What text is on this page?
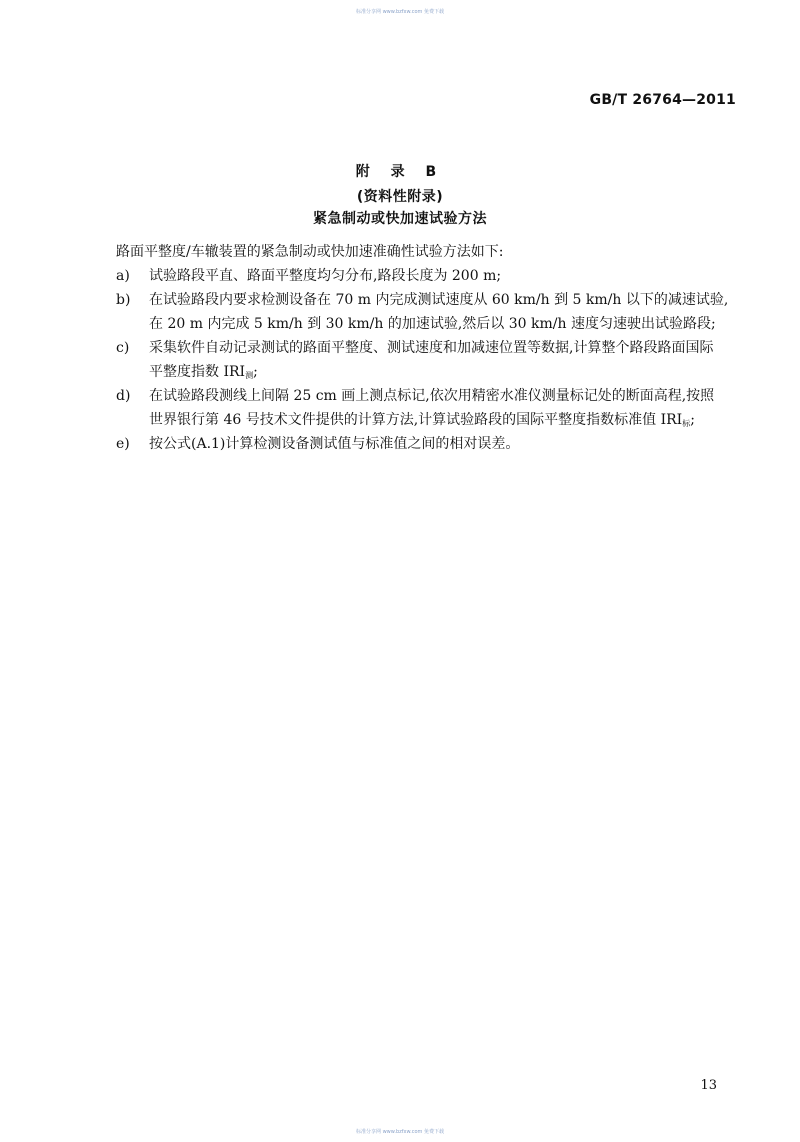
标准分享网 www.bzfxw.com 免费下载
GB/T 26764—2011
附 录 B
(资料性附录)
紧急制动或快加速试验方法

路面平整度/车辙装置的紧急制动或快加速准确性试验方法如下:

a)	试验路段平直、路面平整度均匀分布,路段长度为 200 m;
b)	在试验路段内要求检测设备在 70 m 内完成测试速度从 60 km/h 到 5 km/h 以下的减速试验,
在 20 m 内完成 5 km/h 到 30 km/h 的加速试验,然后以 30 km/h 速度匀速驶出试验路段;
c)	采集软件自动记录测试的路面平整度、测试速度和加减速位置等数据,计算整个路段路面国际
平整度指数 $IRI_测$;
d)	在试验路段测线上间隔 25 cm 画上测点标记,依次用精密水准仪测量标记处的断面高程,按照
世界银行第 46 号技术文件提供的计算方法,计算试验路段的国际平整度指数标准值 $IRI_标$;
e)	按公式(A.1)计算检测设备测试值与标准值之间的相对误差。
13
标准分享网 www.bzfxw.com 免费下载
